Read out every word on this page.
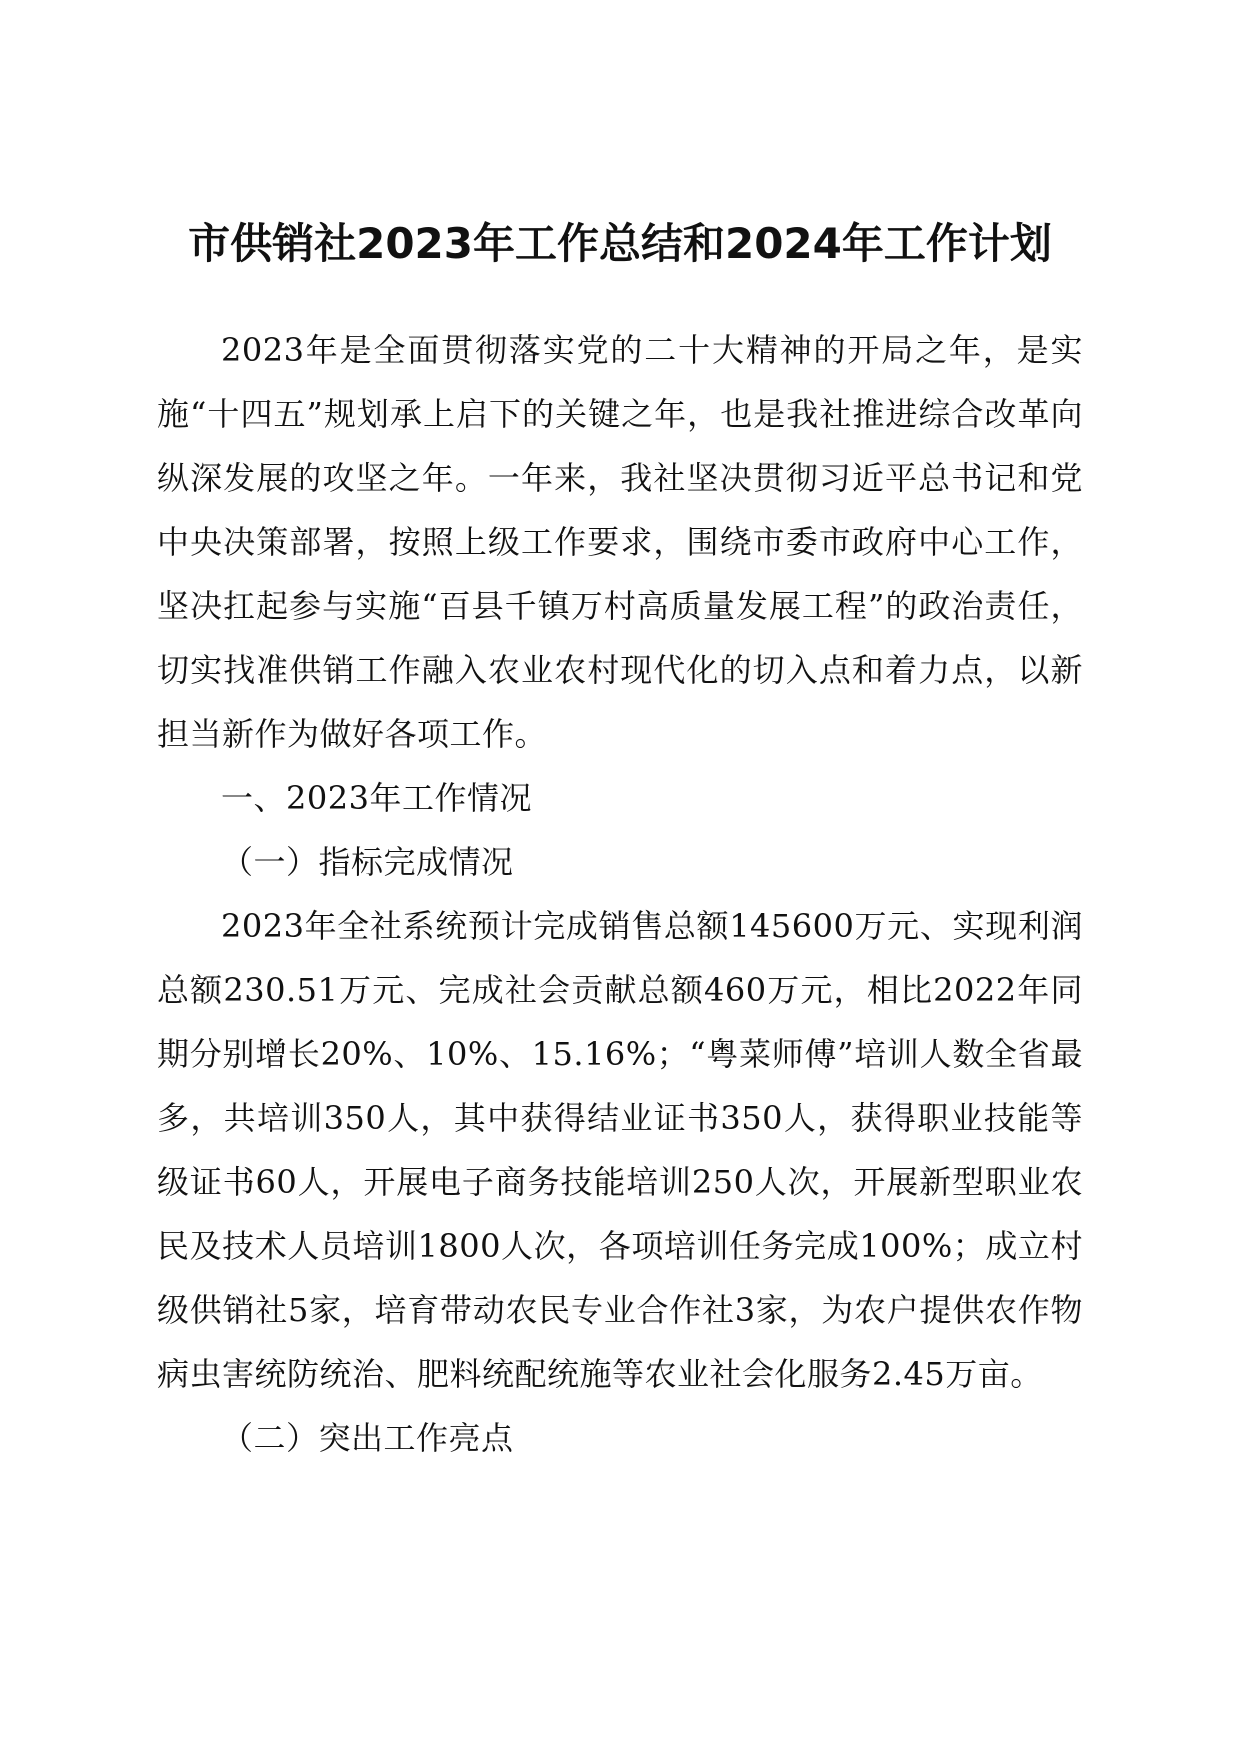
市供销社2023年工作总结和2024年工作计划

2023年是全面贯彻落实党的二十大精神的开局之年，是实施“十四五”规划承上启下的关键之年，也是我社推进综合改革向纵深发展的攻坚之年。一年来，我社坚决贯彻习近平总书记和党中央决策部署，按照上级工作要求，围绕市委市政府中心工作，坚决扛起参与实施“百县千镇万村高质量发展工程”的政治责任，切实找准供销工作融入农业农村现代化的切入点和着力点，以新担当新作为做好各项工作。

一、2023年工作情况

（一）指标完成情况

2023年全社系统预计完成销售总额145600万元、实现利润总额230.51万元、完成社会贡献总额460万元，相比2022年同期分别增长20%、10%、15.16%；“粤菜师傅”培训人数全省最多，共培训350人，其中获得结业证书350人，获得职业技能等级证书60人，开展电子商务技能培训250人次，开展新型职业农民及技术人员培训1800人次，各项培训任务完成100%；成立村级供销社5家，培育带动农民专业合作社3家，为农户提供农作物病虫害统防统治、肥料统配统施等农业社会化服务2.45万亩。

（二）突出工作亮点
